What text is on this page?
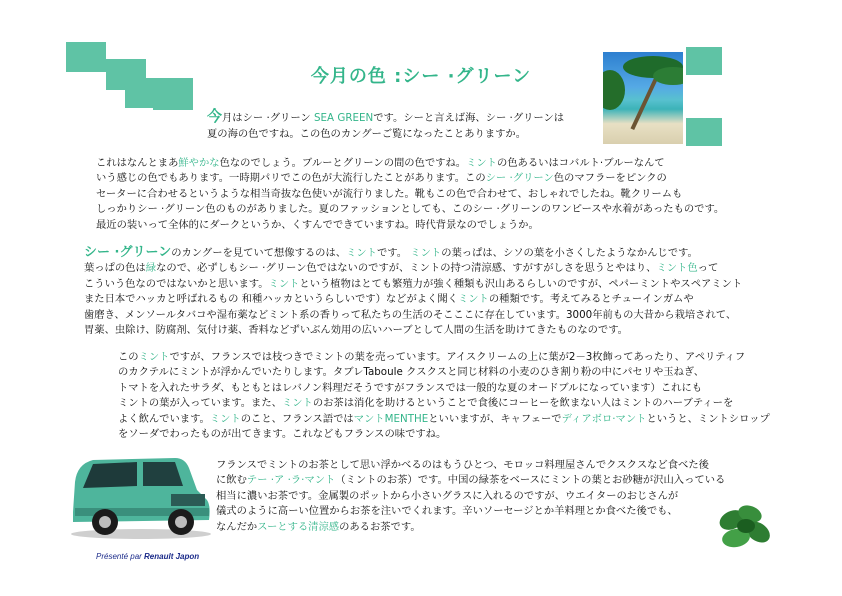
今月の色 :シー ·グリーン
今月はシー ·グリーン SEA GREENです。シーと言えば海、シー ·グリーンは
夏の海の色ですね。この色のカングーご覧になったことありますか。
これはなんとまあ鮮やかな色なのでしょう。ブルーとグリーンの間の色ですね。ミントの色あるいはコバルト·ブルーなんて
いう感じの色でもあります。一時期パリでこの色が大流行したことがあります。このシー ·グリーン色のマフラーをピンクの
セーターに合わせるというような相当奇抜な色使いが流行りました。靴もこの色で合わせて、おしゃれでしたね。靴クリームも
しっかりシー ·グリーン色のものがありました。夏のファッションとしても、このシー ·グリーンのワンピースや水着があったものです。
最近の装いって全体的にダークというか、くすんでできていますね。時代背景なのでしょうか。
シー ·グリーンのカングーを見ていて想像するのは、ミントです。 ミントの葉っぱは、シソの葉を小さくしたようなかんじです。
葉っぱの色は緑なので、必ずしもシー ·グリーン色ではないのですが、ミントの持つ清涼感、すがすがしさを思うとやはり、ミント色って
こういう色なのではないかと思います。ミントという植物はとても繁殖力が強く種類も沢山あるらしいのですが、ペパーミントやスペアミント
また日本でハッカと呼ばれるもの 和種ハッカというらしいです）などがよく聞くミントの種類です。考えてみるとチューインガムや
歯磨き、メンソールタバコや湿布薬などミント系の香りって私たちの生活のそこここに存在しています。3000年前もの大昔から栽培されて、
胃薬、虫除け、防腐剤、気付け薬、香料などずいぶん効用の広いハーブとして人間の生活を助けてきたものなのです。
このミントですが、フランスでは枝つきでミントの葉を売っています。アイスクリームの上に葉が2－3枚飾ってあったり、アペリティフ
のカクテルにミントが浮かんでいたりします。タブレTaboule クスクスと同じ材料の小麦のひき割り粉の中にパセリや玉ねぎ、
トマトを入れたサラダ、もともとはレバノン料理だそうですがフランスでは一般的な夏のオードブルになっています）これにも
ミントの葉が入っています。また、ミントのお茶は消化を助けるということで食後にコーヒーを飲まない人はミントのハーブティーを
よく飲んでいます。ミントのこと、フランス語ではマントMENTHEといいますが、キャフェーでディアボロ·マントというと、ミントシロップ
をソーダでわったものが出てきます。これなどもフランスの味ですね。
フランスでミントのお茶として思い浮かべるのはもうひとつ、モロッコ料理屋さんでクスクスなど食べた後
に飲むテー ·ア ·ラ·マント（ミントのお茶）です。中国の緑茶をベースにミントの葉とお砂糖が沢山入っている
相当に濃いお茶です。金属製のポットから小さいグラスに入れるのですが、ウエイターのおじさんが
儀式のように高ーい位置からお茶を注いでくれます。辛いソーセージとか羊料理とか食べた後でも、
なんだかスーとする清涼感のあるお茶です。
Présenté par Renault Japon
